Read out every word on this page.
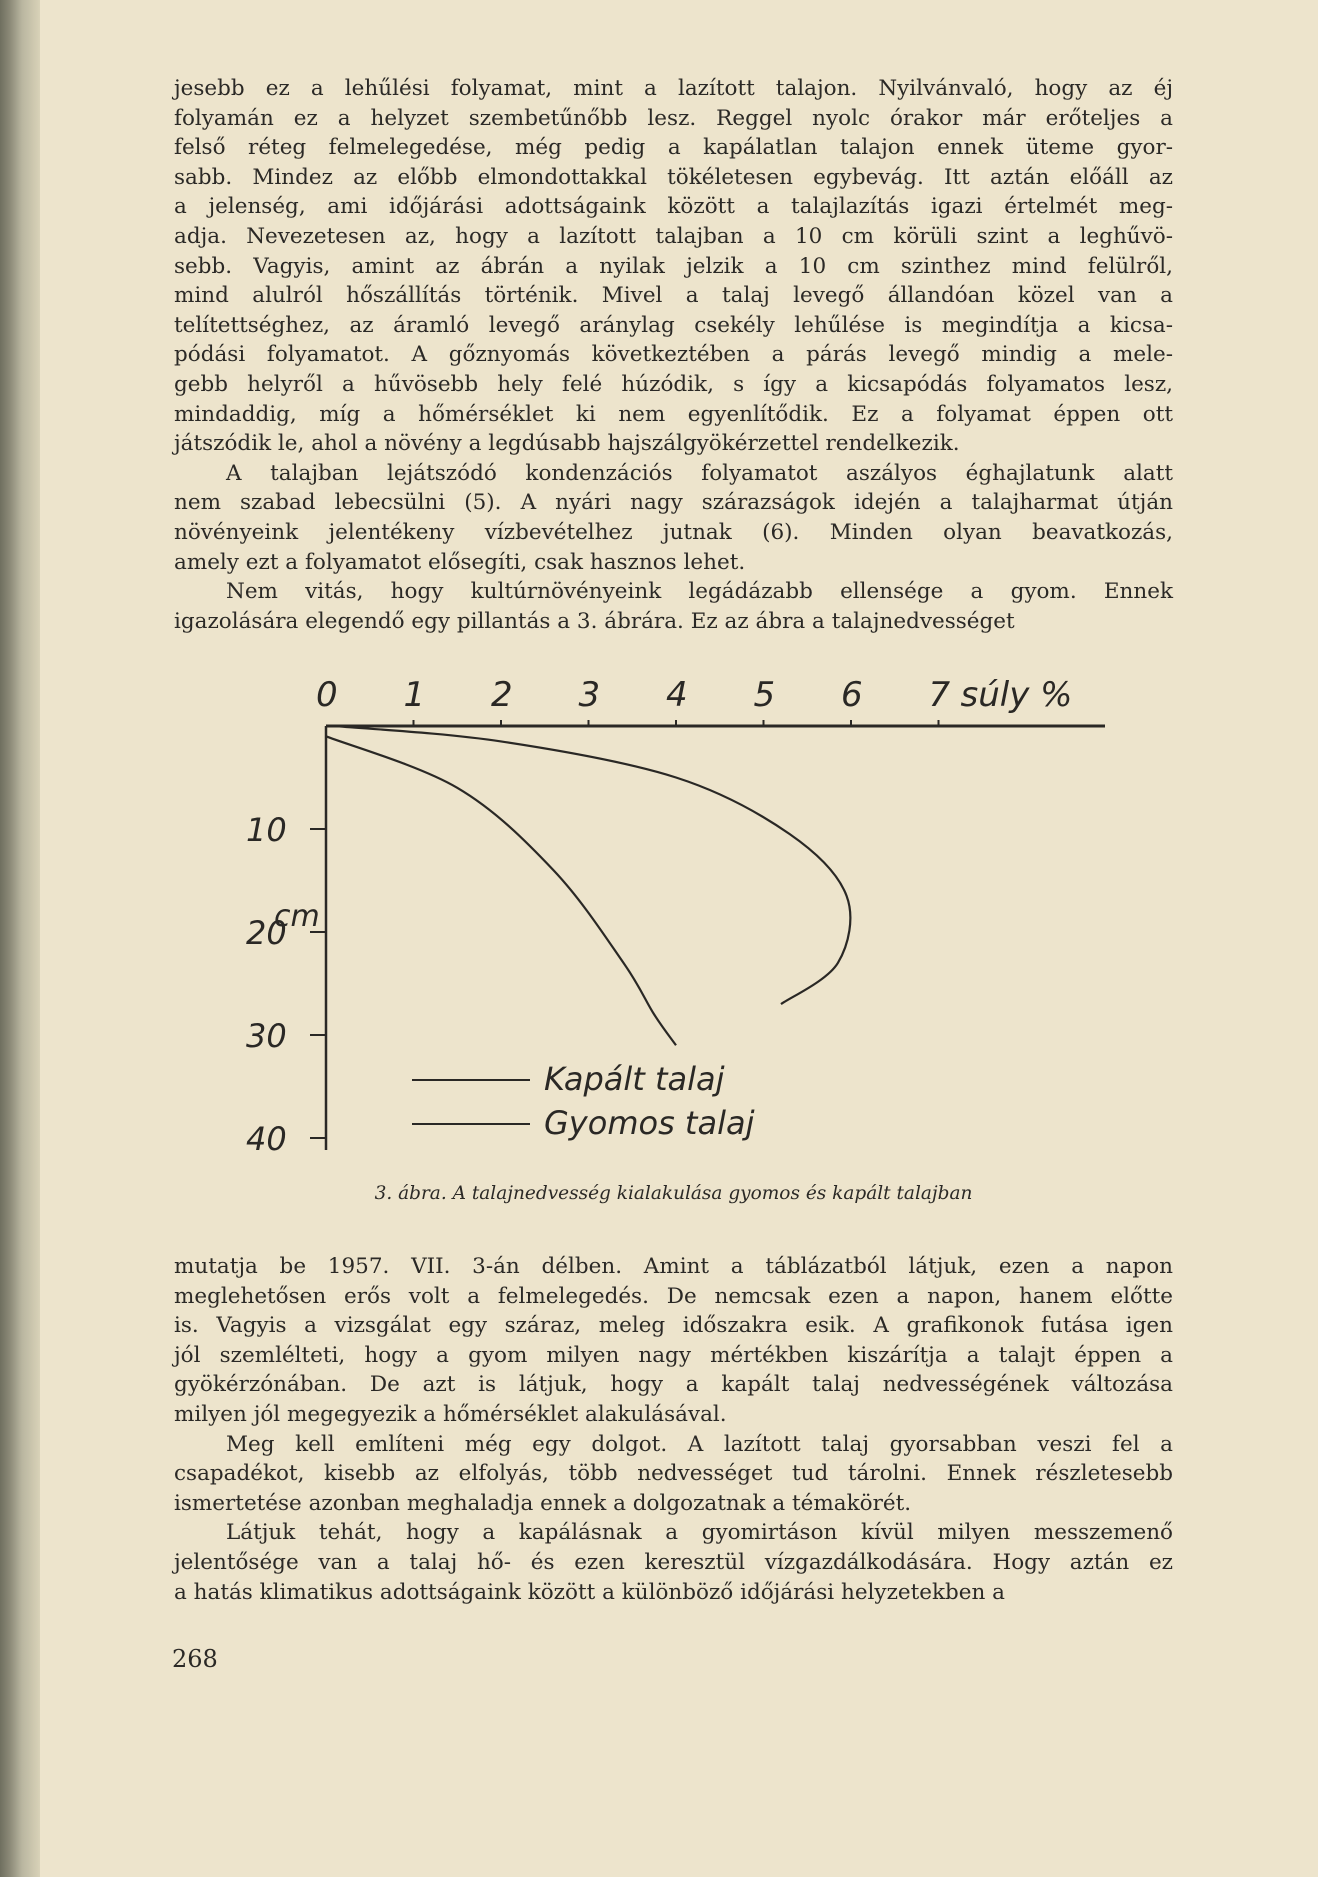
jesebb ez a lehűlési folyamat, mint a lazított talajon. Nyilvánvaló, hogy az éj
folyamán ez a helyzet szembetűnőbb lesz. Reggel nyolc órakor már erőteljes a
felső réteg felmelegedése, még pedig a kapálatlan talajon ennek üteme gyor-
sabb. Mindez az előbb elmondottakkal tökéletesen egybevág. Itt aztán előáll az
a jelenség, ami időjárási adottságaink között a talajlazítás igazi értelmét meg-
adja. Nevezetesen az, hogy a lazított talajban a 10 cm körüli szint a leghűvö-
sebb. Vagyis, amint az ábrán a nyilak jelzik a 10 cm szinthez mind felülről,
mind alulról hőszállítás történik. Mivel a talaj levegő állandóan közel van a
telítettséghez, az áramló levegő aránylag csekély lehűlése is megindítja a kicsa-
pódási folyamatot. A gőznyomás következtében a párás levegő mindig a mele-
gebb helyről a hűvösebb hely felé húzódik, s így a kicsapódás folyamatos lesz,
mindaddig, míg a hőmérséklet ki nem egyenlítődik. Ez a folyamat éppen ott
játszódik le, ahol a növény a legdúsabb hajszálgyökérzettel rendelkezik.
A talajban lejátszódó kondenzációs folyamatot aszályos éghajlatunk alatt
nem szabad lebecsülni (5). A nyári nagy szárazságok idején a talajharmat útján
növényeink jelentékeny vízbevételhez jutnak (6). Minden olyan beavatkozás,
amely ezt a folyamatot elősegíti, csak hasznos lehet.
Nem vitás, hogy kultúrnövényeink legádázabb ellensége a gyom. Ennek
igazolására elegendő egy pillantás a 3. ábrára. Ez az ábra a talajnedvességet
0 1 2 3 4 5 6 7 súly %
10
20
30
40
cm
Kapált talaj
Gyomos talaj
3. ábra. A talajnedvesség kialakulása gyomos és kapált talajban
mutatja be 1957. VII. 3-án délben. Amint a táblázatból látjuk, ezen a napon
meglehetősen erős volt a felmelegedés. De nemcsak ezen a napon, hanem előtte
is. Vagyis a vizsgálat egy száraz, meleg időszakra esik. A grafikonok futása igen
jól szemlélteti, hogy a gyom milyen nagy mértékben kiszárítja a talajt éppen a
gyökérzónában. De azt is látjuk, hogy a kapált talaj nedvességének változása
milyen jól megegyezik a hőmérséklet alakulásával.
Meg kell említeni még egy dolgot. A lazított talaj gyorsabban veszi fel a
csapadékot, kisebb az elfolyás, több nedvességet tud tárolni. Ennek részletesebb
ismertetése azonban meghaladja ennek a dolgozatnak a témakörét.
Látjuk tehát, hogy a kapálásnak a gyomirtáson kívül milyen messzemenő
jelentősége van a talaj hő- és ezen keresztül vízgazdálkodására. Hogy aztán ez
a hatás klimatikus adottságaink között a különböző időjárási helyzetekben a
268
